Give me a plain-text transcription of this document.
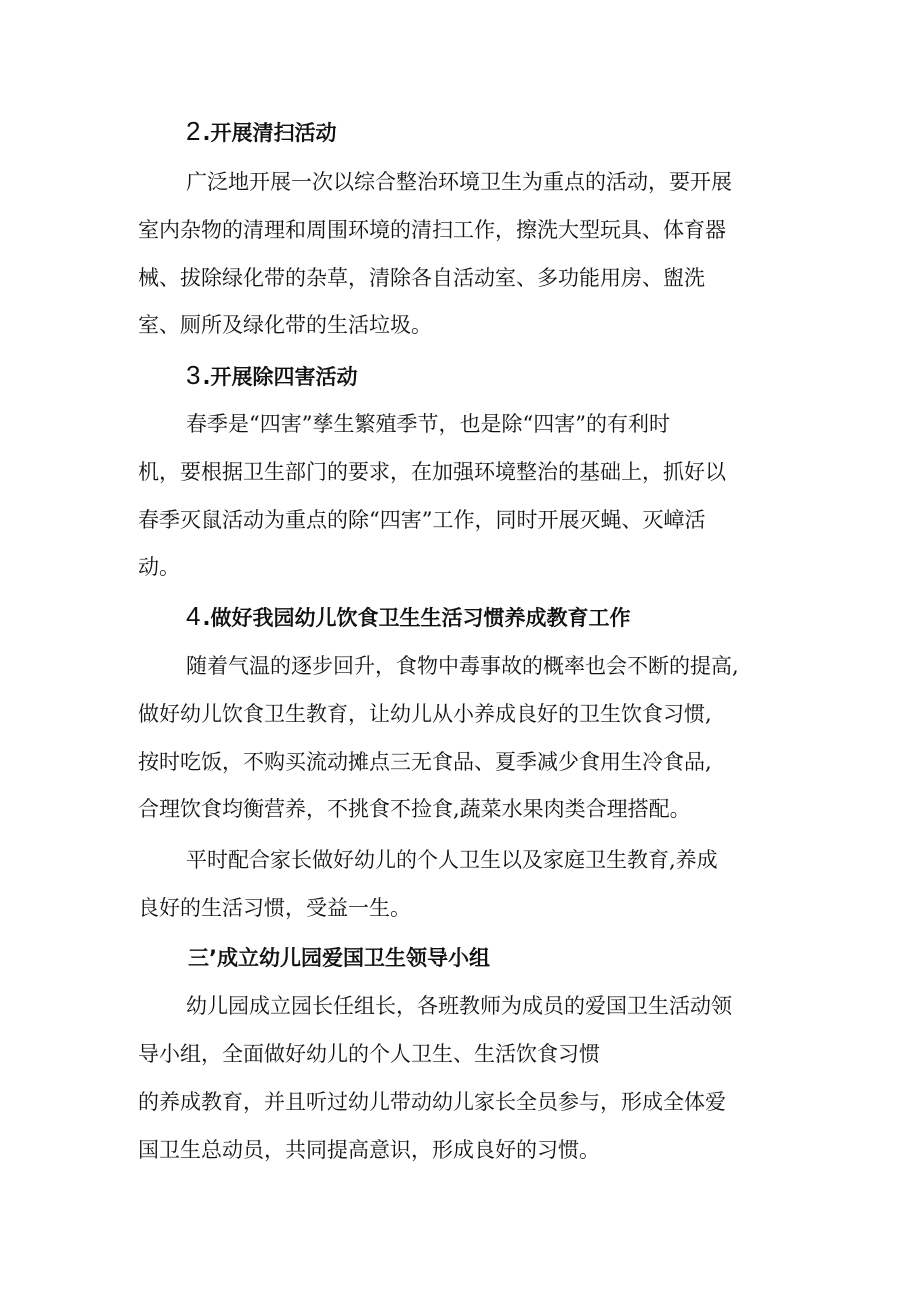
2.开展清扫活动
广泛地开展一次以综合整治环境卫生为重点的活动，要开展
室内杂物的清理和周围环境的清扫工作，擦洗大型玩具、体育器
械、拔除绿化带的杂草，清除各自活动室、多功能用房、盥洗
室、厕所及绿化带的生活垃圾。
3.开展除四害活动
春季是“四害”孳生繁殖季节，也是除“四害”的有利时
机，要根据卫生部门的要求，在加强环境整治的基础上，抓好以
春季灭鼠活动为重点的除“四害”工作，同时开展灭蝇、灭嶂活
动。
4.做好我园幼儿饮食卫生生活习惯养成教育工作
随着气温的逐步回升，食物中毒事故的概率也会不断的提高,
做好幼儿饮食卫生教育，让幼儿从小养成良好的卫生饮食习惯,
按时吃饭，不购买流动摊点三无食品、夏季减少食用生冷食品,
合理饮食均衡营养，不挑食不捡食,蔬菜水果肉类合理搭配。
平时配合家长做好幼儿的个人卫生以及家庭卫生教育,养成
良好的生活习惯，受益一生。
三’成立幼儿园爱国卫生领导小组
幼儿园成立园长任组长，各班教师为成员的爱国卫生活动领
导小组，全面做好幼儿的个人卫生、生活饮食习惯
的养成教育，并且听过幼儿带动幼儿家长全员参与，形成全体爱
国卫生总动员，共同提高意识，形成良好的习惯。
